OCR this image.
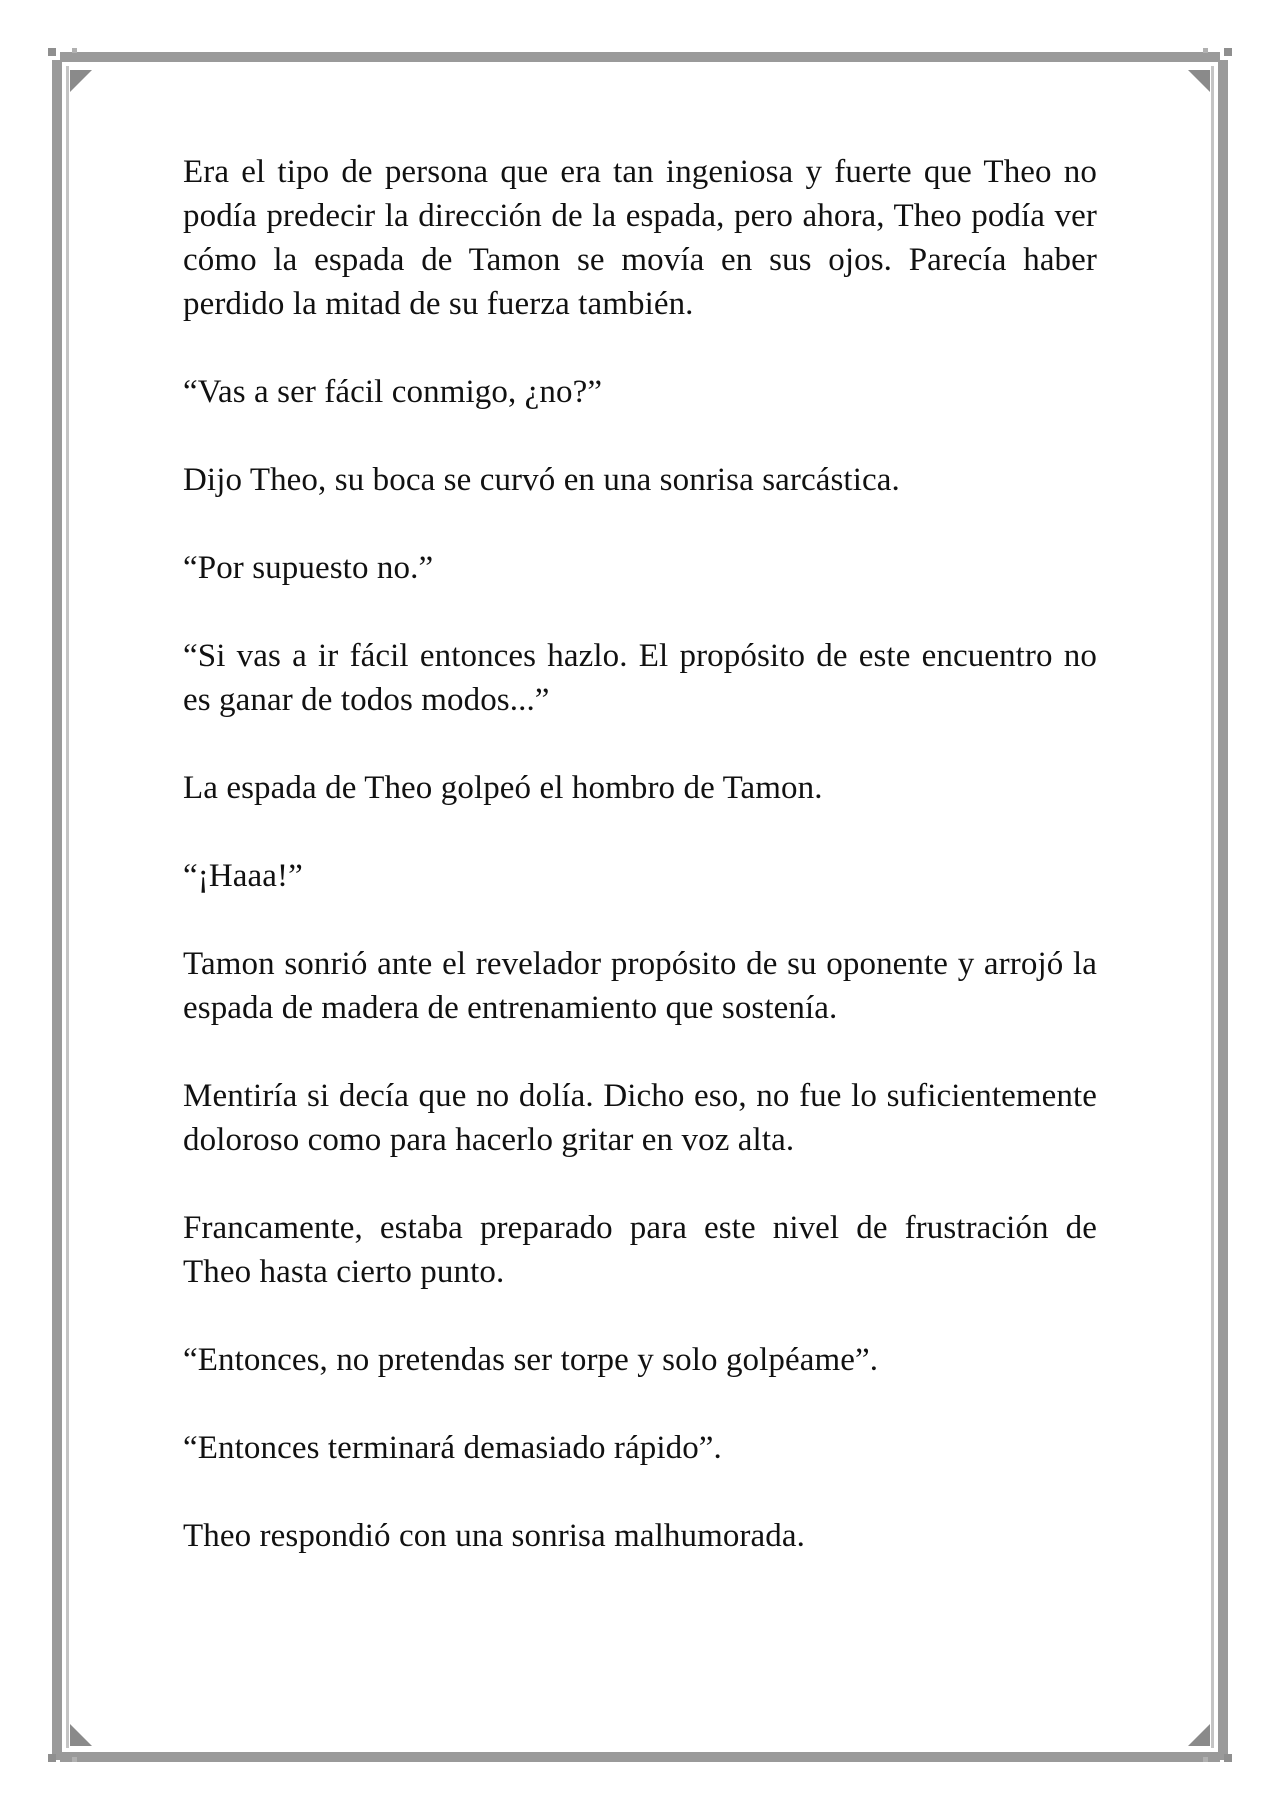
Era el tipo de persona que era tan ingeniosa y fuerte que Theo no podía predecir la dirección de la espada, pero ahora, Theo podía ver cómo la espada de Tamon se movía en sus ojos. Parecía haber perdido la mitad de su fuerza también.

“Vas a ser fácil conmigo, ¿no?”

Dijo Theo, su boca se curvó en una sonrisa sarcástica.

“Por supuesto no.”

“Si vas a ir fácil entonces hazlo. El propósito de este encuentro no es ganar de todos modos...”

La espada de Theo golpeó el hombro de Tamon.

“¡Haaa!”

Tamon sonrió ante el revelador propósito de su oponente y arrojó la espada de madera de entrenamiento que sostenía.

Mentiría si decía que no dolía. Dicho eso, no fue lo suficientemente doloroso como para hacerlo gritar en voz alta.

Francamente, estaba preparado para este nivel de frustración de Theo hasta cierto punto.

“Entonces, no pretendas ser torpe y solo golpéame”.

“Entonces terminará demasiado rápido”.

Theo respondió con una sonrisa malhumorada.
